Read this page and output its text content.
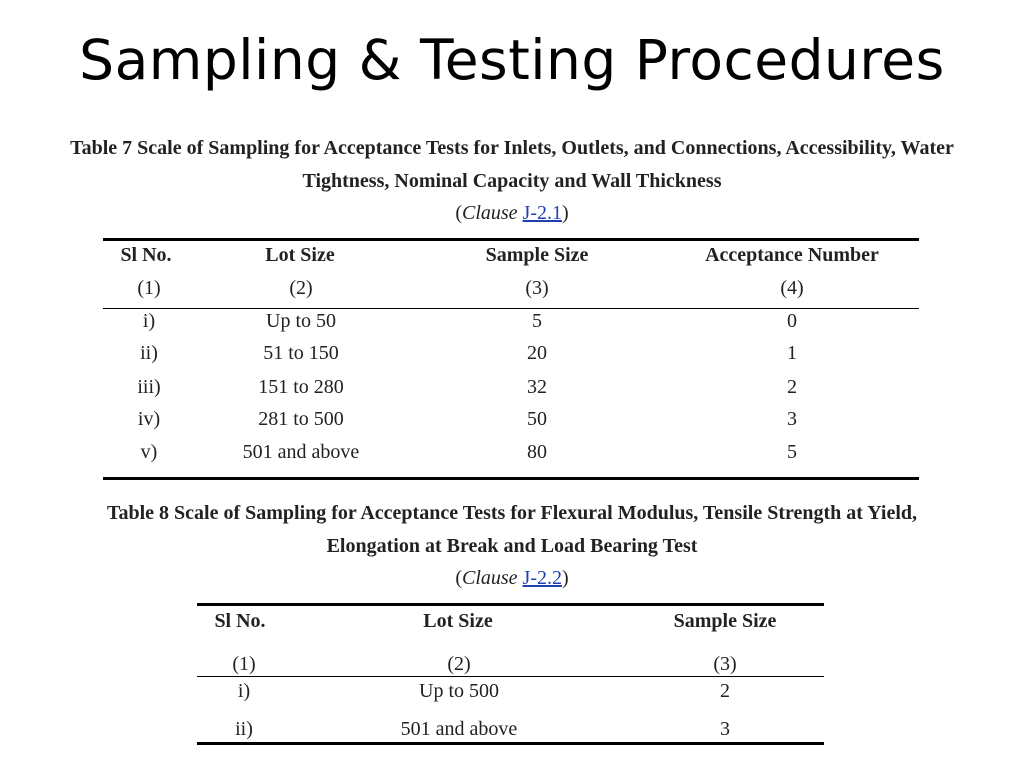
Sampling & Testing Procedures
Table 7 Scale of Sampling for Acceptance Tests for Inlets, Outlets, and Connections, Accessibility, Water
Tightness, Nominal Capacity and Wall Thickness
(Clause J-2.1)
Sl No.	Lot Size	Sample Size	Acceptance Number
(1)	(2)	(3)	(4)
i)	Up to 50	5	0
ii)	51 to 150	20	1
iii)	151 to 280	32	2
iv)	281 to 500	50	3
v)	501 and above	80	5
Table 8 Scale of Sampling for Acceptance Tests for Flexural Modulus, Tensile Strength at Yield,
Elongation at Break and Load Bearing Test
(Clause J-2.2)
Sl No.	Lot Size	Sample Size
(1)	(2)	(3)
i)	Up to 500	2
ii)	501 and above	3
